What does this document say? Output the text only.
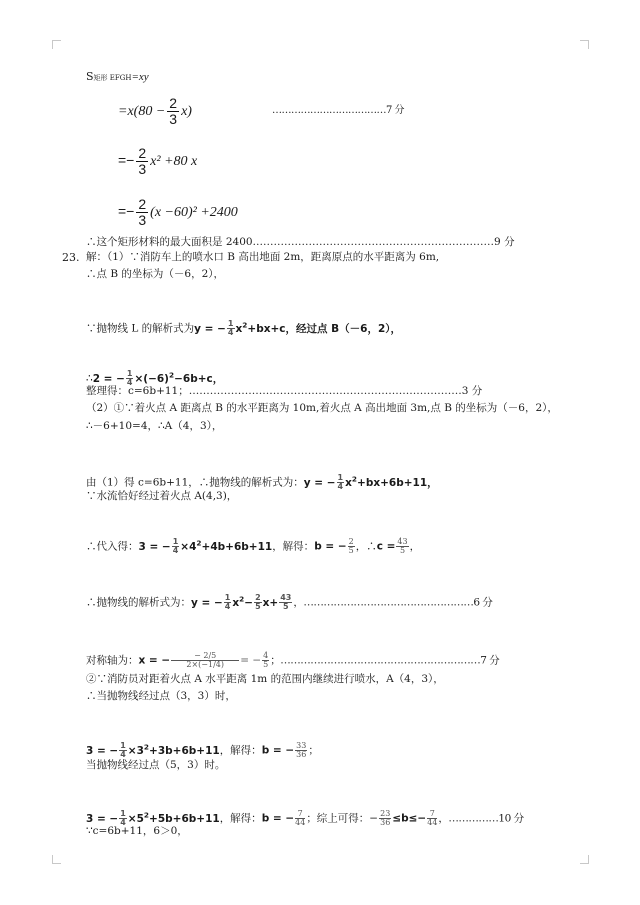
S矩形 EFGH=xy
$=x(80 - \frac{2}{3} x)$	………………………………7 分
=− $\frac{2}{3} x^2 +80$ x
=− $\frac{2}{3} (x -60)^2 +2400$
∴这个矩形材料的最大面积是 2400……………………………………………………………9 分
23. 解：（1）∵消防车上的喷水口 B 高出地面 2m，距离原点的水平距离为 6m,
∴点 B 的坐标为（－6，2），
∵抛物线 L 的解析式为y = − $\frac{1}{4} x^2+bx+c$，经过点 B（－6，2），
∴2 = − $\frac{1}{4} \times(-6)^2-6b+c$，
整理得：c=6b+11；……………………………………………………………………3 分
（2）①∵着火点 A 距离点 B 的水平距离为 10m,着火点 A 高出地面 3m,点 B 的坐标为（－6，2），
∴－6+10=4，∴A（4，3），
由（1）得 c=6b+11，∴抛物线的解析式为：y = − $\frac{1}{4} x^2+bx+6b+11$，
∵水流恰好经过着火点 A(4,3)，
∴代入得：3 = − $\frac{1}{4} \times 4^2+4b+6b+11$，解得：b = − $\frac{2}{5}$ ，∴c = $\frac{43}{5}$ ，
∴抛物线的解析式为：y = − $\frac{1}{4} x^2- \frac{2}{5} x+ \frac{43}{5}$ ，……………………………………………6 分
对称轴为：x = − $\frac{- 2/5}{2\times(-1/4)}$ = − $\frac{4}{5}$ ；……………………………………………………7 分
②∵消防员对距着火点 A 水平距离 1m 的范围内继续进行喷水，A（4，3），
∴当抛物线经过点（3，3）时，
3 = − $\frac{1}{4} \times 3^2+3b+6b+11$，解得：b = − $\frac{33}{36}$ ；
当抛物线经过点（5，3）时。
3 = − $\frac{1}{4} \times 5^2+5b+6b+11$，解得：b = − $\frac{7}{44}$ ；综上可得：− $\frac{23}{36} \le b\le- \frac{7}{44}$ ，……………10 分
∵c=6b+11，6＞0，
